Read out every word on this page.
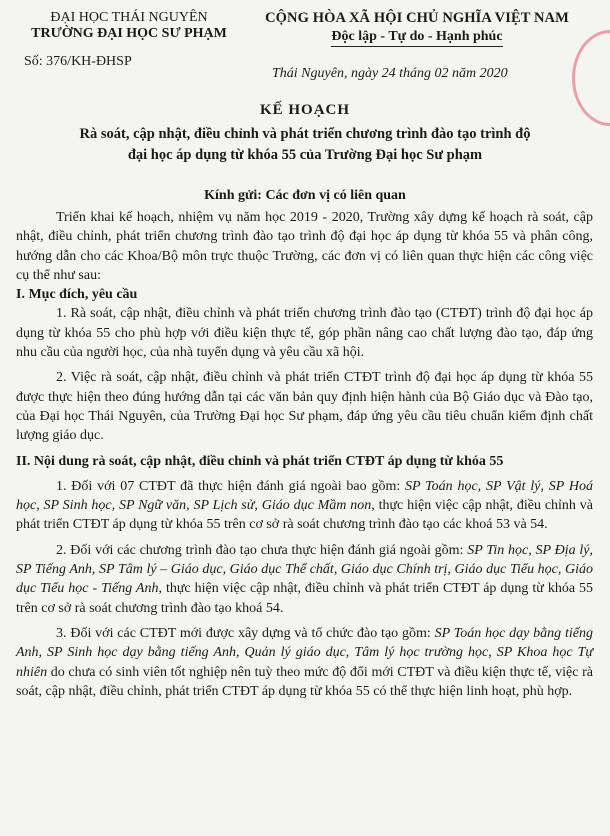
ĐẠI HỌC THÁI NGUYÊN
TRƯỜNG ĐẠI HỌC SƯ PHẠM
Số: 376/KH-ĐHSP
CỘNG HÒA XÃ HỘI CHỦ NGHĨA VIỆT NAM
Độc lập - Tự do - Hạnh phúc
Thái Nguyên, ngày 24 tháng 02 năm 2020
KẾ HOẠCH
Rà soát, cập nhật, điều chỉnh và phát triển chương trình đào tạo trình độ
đại học áp dụng từ khóa 55 của Trường Đại học Sư phạm
Kính gửi: Các đơn vị có liên quan

Triển khai kế hoạch, nhiệm vụ năm học 2019 - 2020, Trường xây dựng kế hoạch rà soát, cập nhật, điều chỉnh, phát triển chương trình đào tạo trình độ đại học áp dụng từ khóa 55 và phân công, hướng dẫn cho các Khoa/Bộ môn trực thuộc Trường, các đơn vị có liên quan thực hiện các công việc cụ thể như sau:

I. Mục đích, yêu cầu

1. Rà soát, cập nhật, điều chỉnh và phát triển chương trình đào tạo (CTĐT) trình độ đại học áp dụng từ khóa 55 cho phù hợp với điều kiện thực tế, góp phần nâng cao chất lượng đào tạo, đáp ứng nhu cầu của người học, của nhà tuyển dụng và yêu cầu xã hội.

2. Việc rà soát, cập nhật, điều chỉnh và phát triển CTĐT trình độ đại học áp dụng từ khóa 55 được thực hiện theo đúng hướng dẫn tại các văn bản quy định hiện hành của Bộ Giáo dục và Đào tạo, của Đại học Thái Nguyên, của Trường Đại học Sư phạm, đáp ứng yêu cầu tiêu chuẩn kiểm định chất lượng giáo dục.

II. Nội dung rà soát, cập nhật, điều chỉnh và phát triển CTĐT áp dụng từ khóa 55

1. Đối với 07 CTĐT đã thực hiện đánh giá ngoài bao gồm: SP Toán học, SP Vật lý, SP Hoá học, SP Sinh học, SP Ngữ văn, SP Lịch sử, Giáo dục Mầm non, thực hiện việc cập nhật, điều chỉnh và phát triển CTĐT áp dụng từ khóa 55 trên cơ sở rà soát chương trình đào tạo các khoá 53 và 54.

2. Đối với các chương trình đào tạo chưa thực hiện đánh giá ngoài gồm: SP Tin học, SP Địa lý, SP Tiếng Anh, SP Tâm lý – Giáo dục, Giáo dục Thể chất, Giáo dục Chính trị, Giáo dục Tiểu học, Giáo dục Tiểu học - Tiếng Anh, thực hiện việc cập nhật, điều chỉnh và phát triển CTĐT áp dụng từ khóa 55 trên cơ sở rà soát chương trình đào tạo khoá 54.

3. Đối với các CTĐT mới được xây dựng và tổ chức đào tạo gồm: SP Toán học dạy bằng tiếng Anh, SP Sinh học dạy bằng tiếng Anh, Quản lý giáo dục, Tâm lý học trường học, SP Khoa học Tự nhiên do chưa có sinh viên tốt nghiệp nên tuỳ theo mức độ đổi mới CTĐT và điều kiện thực tế, việc rà soát, cập nhật, điều chỉnh, phát triển CTĐT áp dụng từ khóa 55 có thể thực hiện linh hoạt, phù hợp.
